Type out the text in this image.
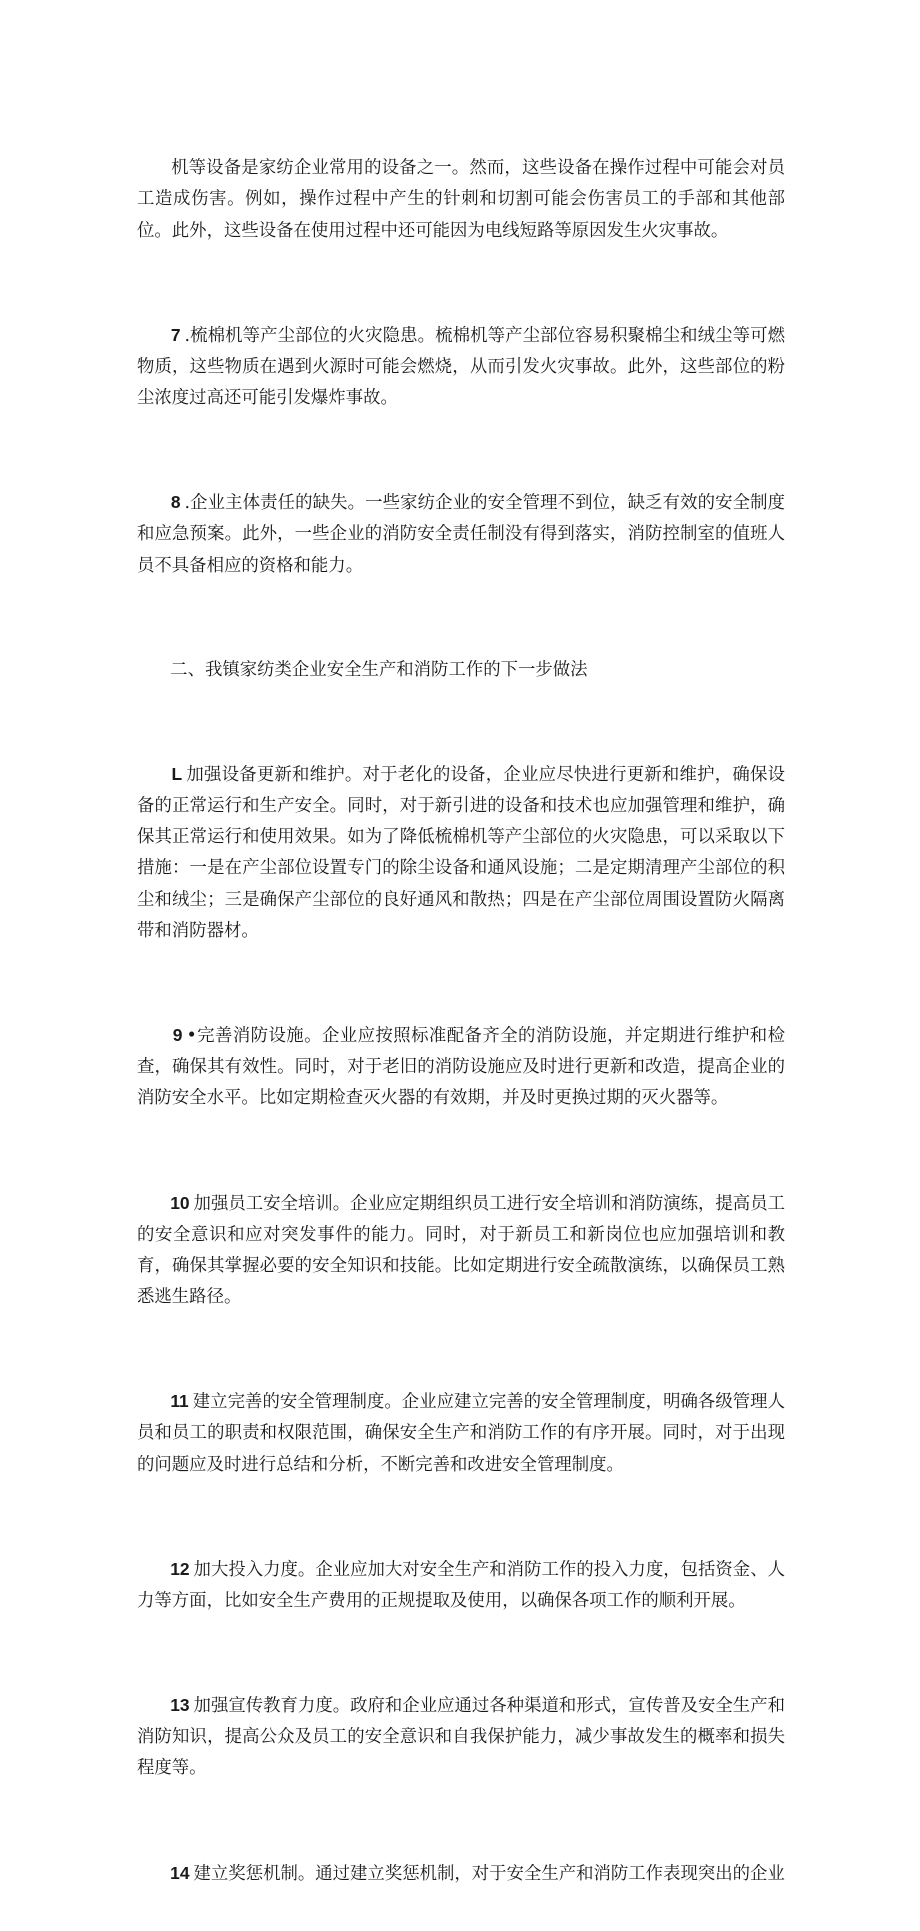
机等设备是家纺企业常用的设备之一。然而，这些设备在操作过程中可能会对员工造成伤害。例如，操作过程中产生的针刺和切割可能会伤害员工的手部和其他部位。此外，这些设备在使用过程中还可能因为电线短路等原因发生火灾事故。

7 .梳棉机等产尘部位的火灾隐患。梳棉机等产尘部位容易积聚棉尘和绒尘等可燃物质，这些物质在遇到火源时可能会燃烧，从而引发火灾事故。此外，这些部位的粉尘浓度过高还可能引发爆炸事故。

8 .企业主体责任的缺失。一些家纺企业的安全管理不到位，缺乏有效的安全制度和应急预案。此外，一些企业的消防安全责任制没有得到落实，消防控制室的值班人员不具备相应的资格和能力。

二、我镇家纺类企业安全生产和消防工作的下一步做法

L 加强设备更新和维护。对于老化的设备，企业应尽快进行更新和维护，确保设备的正常运行和生产安全。同时，对于新引进的设备和技术也应加强管理和维护，确保其正常运行和使用效果。如为了降低梳棉机等产尘部位的火灾隐患，可以采取以下措施：一是在产尘部位设置专门的除尘设备和通风设施；二是定期清理产尘部位的积尘和绒尘；三是确保产尘部位的良好通风和散热；四是在产尘部位周围设置防火隔离带和消防器材。

9 •完善消防设施。企业应按照标准配备齐全的消防设施，并定期进行维护和检查，确保其有效性。同时，对于老旧的消防设施应及时进行更新和改造，提高企业的消防安全水平。比如定期检查灭火器的有效期，并及时更换过期的灭火器等。

10 加强员工安全培训。企业应定期组织员工进行安全培训和消防演练，提高员工的安全意识和应对突发事件的能力。同时，对于新员工和新岗位也应加强培训和教育，确保其掌握必要的安全知识和技能。比如定期进行安全疏散演练，以确保员工熟悉逃生路径。

11 建立完善的安全管理制度。企业应建立完善的安全管理制度，明确各级管理人员和员工的职责和权限范围，确保安全生产和消防工作的有序开展。同时，对于出现的问题应及时进行总结和分析，不断完善和改进安全管理制度。

12 加大投入力度。企业应加大对安全生产和消防工作的投入力度，包括资金、人力等方面，比如安全生产费用的正规提取及使用，以确保各项工作的顺利开展。

13 加强宣传教育力度。政府和企业应通过各种渠道和形式，宣传普及安全生产和消防知识，提高公众及员工的安全意识和自我保护能力，减少事故发生的概率和损失程度等。

14 建立奖惩机制。通过建立奖惩机制，对于安全生产和消防工作表现突出的企业
